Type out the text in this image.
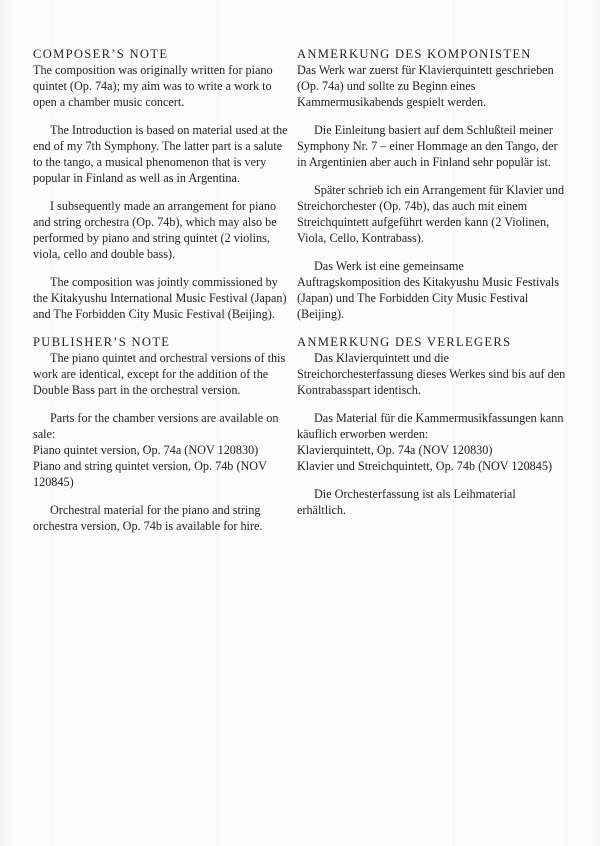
COMPOSER’S NOTE

The composition was originally written for piano quintet (Op. 74a); my aim was to write a work to open a chamber music concert.

The Introduction is based on material used at the end of my 7th Symphony. The latter part is a salute to the tango, a musical phenomenon that is very popular in Finland as well as in Argentina.

I subsequently made an arrangement for piano and string orchestra (Op. 74b), which may also be performed by piano and string quintet (2 violins, viola, cello and double bass).

The composition was jointly commissioned by the Kitakyushu International Music Festival (Japan) and The Forbidden City Music Festival (Beijing).

PUBLISHER’S NOTE

The piano quintet and orchestral versions of this work are identical, except for the addition of the Double Bass part in the orchestral version.

Parts for the chamber versions are available on sale:

Piano quintet version, Op. 74a (NOV 120830)

Piano and string quintet version, Op. 74b (NOV 120845)

Orchestral material for the piano and string orchestra version, Op. 74b is available for hire.

ANMERKUNG DES KOMPONISTEN

Das Werk war zuerst für Klavierquintett geschrieben (Op. 74a) und sollte zu Beginn eines Kammermusikabends gespielt werden.

Die Einleitung basiert auf dem Schlußteil meiner Symphony Nr. 7 – einer Hommage an den Tango, der in Argentinien aber auch in Finland sehr populär ist.

Später schrieb ich ein Arrangement für Klavier und Streichorchester (Op. 74b), das auch mit einem Streichquintett aufgeführt werden kann (2 Violinen, Viola, Cello, Kontrabass).

Das Werk ist eine gemeinsame Auftragskomposition des Kitakyushu Music Festivals (Japan) und The Forbidden City Music Festival (Beijing).

ANMERKUNG DES VERLEGERS

Das Klavierquintett und die Streichorchesterfassung dieses Werkes sind bis auf den Kontrabasspart identisch.

Das Material für die Kammermusikfassungen kann käuflich erworben werden:

Klavierquintett, Op. 74a (NOV 120830)

Klavier und Streichquintett, Op. 74b (NOV 120845)

Die Orchesterfassung ist als Leihmaterial erhältlich.
